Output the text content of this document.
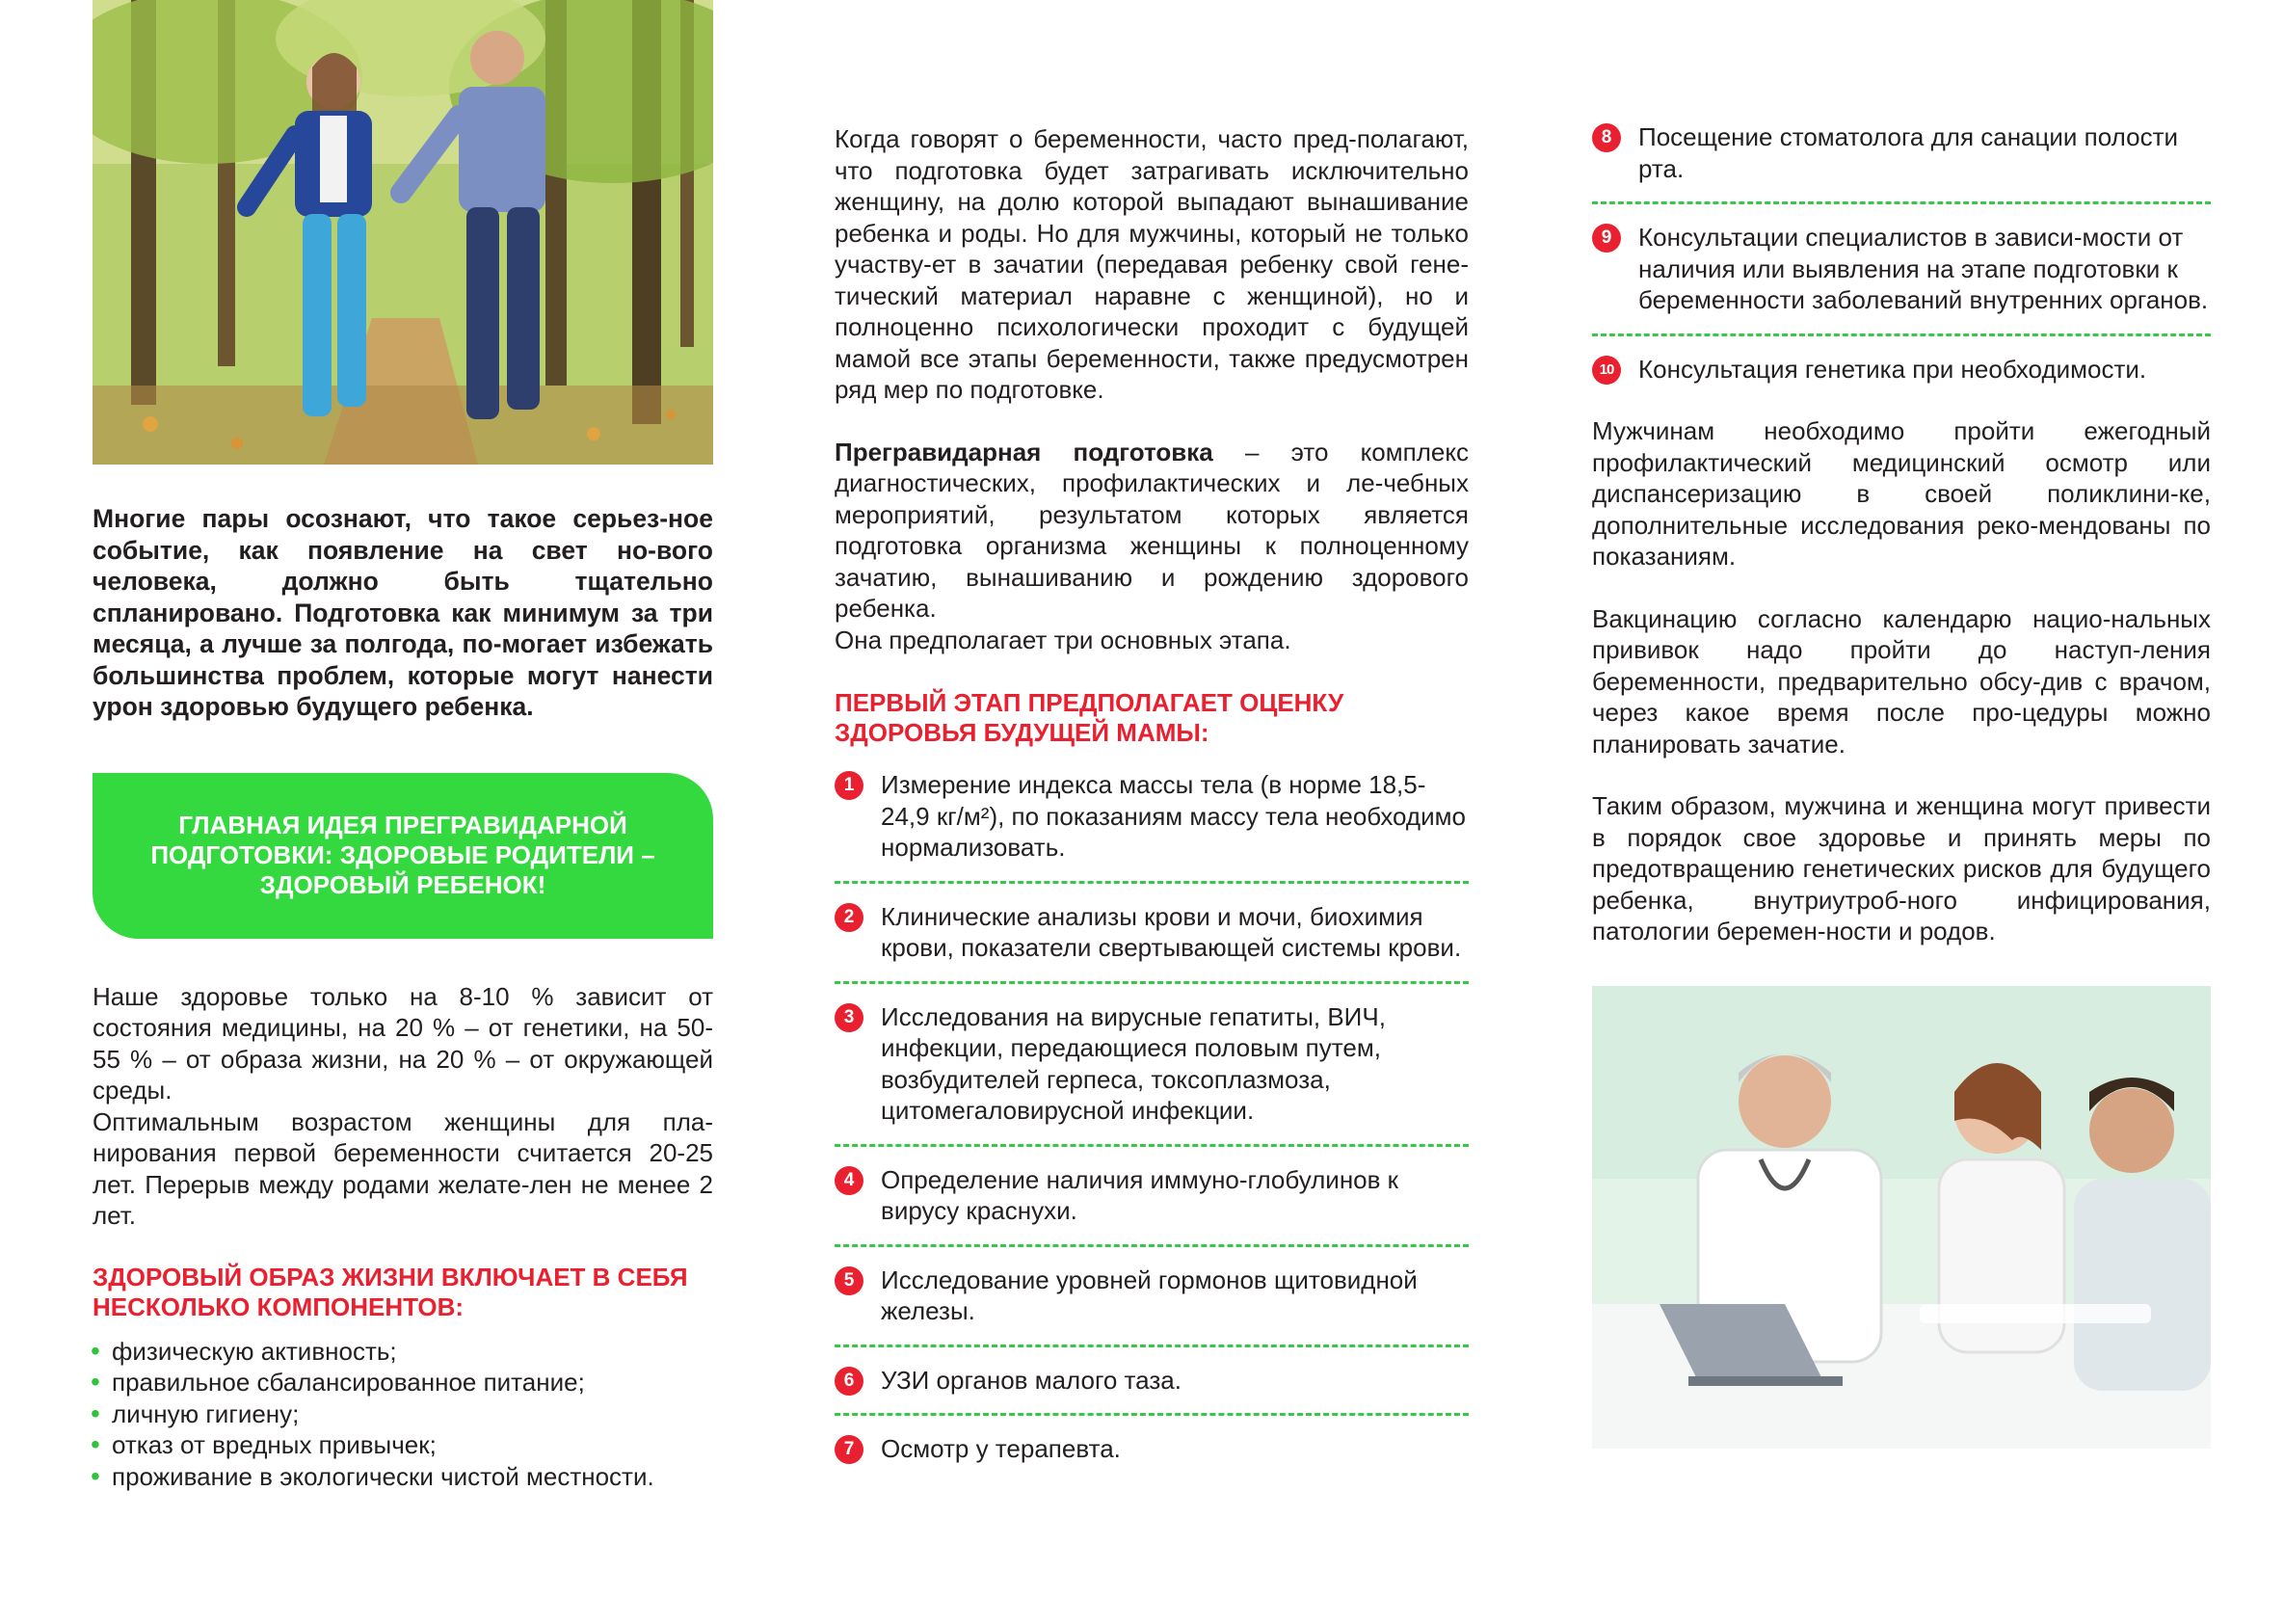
Многие пары осознают, что такое серьез-ное событие, как появление на свет но-вого человека, должно быть тщательно спланировано. Подготовка как минимум за три месяца, а лучше за полгода, по-могает избежать большинства проблем, которые могут нанести урон здоровью будущего ребенка.

ГЛАВНАЯ ИДЕЯ ПРЕГРАВИДАРНОЙ ПОДГОТОВКИ: ЗДОРОВЫЕ РОДИТЕЛИ – ЗДОРОВЫЙ РЕБЕНОК!

Наше здоровье только на 8-10 % зависит от состояния медицины, на 20 % – от генетики, на 50-55 % – от образа жизни, на 20 % – от окружающей среды.

Оптимальным возрастом женщины для пла-нирования первой беременности считается 20-25 лет. Перерыв между родами желате-лен не менее 2 лет.

ЗДОРОВЫЙ ОБРАЗ ЖИЗНИ ВКЛЮЧАЕТ В СЕБЯ НЕСКОЛЬКО КОМПОНЕНТОВ:

• физическую активность;
• правильное сбалансированное питание;
• личную гигиену;
• отказ от вредных привычек;
• проживание в экологически чистой местности.

Когда говорят о беременности, часто пред-полагают, что подготовка будет затрагивать исключительно женщину, на долю которой выпадают вынашивание ребенка и роды. Но для мужчины, который не только участву-ет в зачатии (передавая ребенку свой гене-тический материал наравне с женщиной), но и полноценно психологически проходит с будущей мамой все этапы беременности, также предусмотрен ряд мер по подготовке.

Прегравидарная подготовка – это комплекс диагностических, профилактических и ле-чебных мероприятий, результатом которых является подготовка организма женщины к полноценному зачатию, вынашиванию и рождению здорового ребенка.

Она предполагает три основных этапа.

ПЕРВЫЙ ЭТАП ПРЕДПОЛАГАЕТ ОЦЕНКУ ЗДОРОВЬЯ БУДУЩЕЙ МАМЫ:

1	Измерение индекса массы тела (в норме 18,5-24,9 кг/м²), по показаниям массу тела необходимо нормализовать.
2	Клинические анализы крови и мочи, биохимия крови, показатели свертывающей системы крови.
3	Исследования на вирусные гепатиты, ВИЧ, инфекции, передающиеся половым путем, возбудителей герпеса, токсоплазмоза, цитомегаловирусной инфекции.
4	Определение наличия иммуно-глобулинов к вирусу краснухи.
5	Исследование уровней гормонов щитовидной железы.
6	УЗИ органов малого таза.
7	Осмотр у терапевта.
8	Посещение стоматолога для санации полости рта.
9	Консультации специалистов в зависи-мости от наличия или выявления на этапе подготовки к беременности заболеваний внутренних органов.
10 Консультация генетика при необходимости.

Мужчинам необходимо пройти ежегодный профилактический медицинский осмотр или диспансеризацию в своей поликлини-ке, дополнительные исследования реко-мендованы по показаниям.

Вакцинацию согласно календарю нацио-нальных прививок надо пройти до наступ-ления беременности, предварительно обсу-див с врачом, через какое время после про-цедуры можно планировать зачатие.

Таким образом, мужчина и женщина могут привести в порядок свое здоровье и принять меры по предотвращению генетических рисков для будущего ребенка, внутриутроб-ного инфицирования, патологии беремен-ности и родов.
